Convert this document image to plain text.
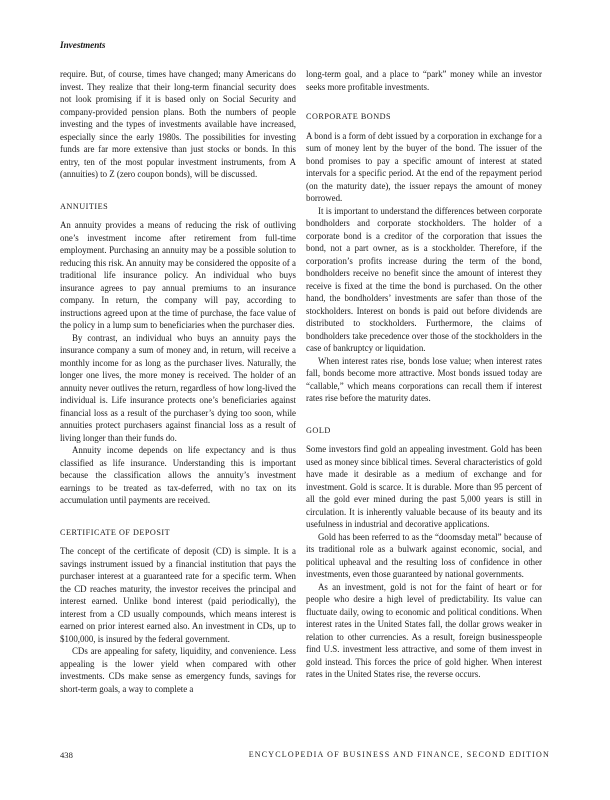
Investments

require. But, of course, times have changed; many Americans do invest. They realize that their long-term financial security does not look promising if it is based only on Social Security and company-provided pension plans. Both the numbers of people investing and the types of investments available have increased, especially since the early 1980s. The possibilities for investing funds are far more extensive than just stocks or bonds. In this entry, ten of the most popular investment instruments, from A (annuities) to Z (zero coupon bonds), will be discussed.

ANNUITIES

An annuity provides a means of reducing the risk of outliving one’s investment income after retirement from full-time employment. Purchasing an annuity may be a possible solution to reducing this risk. An annuity may be considered the opposite of a traditional life insurance policy. An individual who buys insurance agrees to pay annual premiums to an insurance company. In return, the company will pay, according to instructions agreed upon at the time of purchase, the face value of the policy in a lump sum to beneficiaries when the purchaser dies.

By contrast, an individual who buys an annuity pays the insurance company a sum of money and, in return, will receive a monthly income for as long as the purchaser lives. Naturally, the longer one lives, the more money is received. The holder of an annuity never outlives the return, regardless of how long-lived the individual is. Life insurance protects one’s beneficiaries against financial loss as a result of the purchaser’s dying too soon, while annuities protect purchasers against financial loss as a result of living longer than their funds do.

Annuity income depends on life expectancy and is thus classified as life insurance. Understanding this is important because the classification allows the annuity’s investment earnings to be treated as tax-deferred, with no tax on its accumulation until payments are received.

CERTIFICATE OF DEPOSIT

The concept of the certificate of deposit (CD) is simple. It is a savings instrument issued by a financial institution that pays the purchaser interest at a guaranteed rate for a specific term. When the CD reaches maturity, the investor receives the principal and interest earned. Unlike bond interest (paid periodically), the interest from a CD usually compounds, which means interest is earned on prior interest earned also. An investment in CDs, up to $100,000, is insured by the federal government.

CDs are appealing for safety, liquidity, and convenience. Less appealing is the lower yield when compared with other investments. CDs make sense as emergency funds, savings for short-term goals, a way to complete a

long-term goal, and a place to “park” money while an investor seeks more profitable investments.

CORPORATE BONDS

A bond is a form of debt issued by a corporation in exchange for a sum of money lent by the buyer of the bond. The issuer of the bond promises to pay a specific amount of interest at stated intervals for a specific period. At the end of the repayment period (on the maturity date), the issuer repays the amount of money borrowed.

It is important to understand the differences between corporate bondholders and corporate stockholders. The holder of a corporate bond is a creditor of the corporation that issues the bond, not a part owner, as is a stockholder. Therefore, if the corporation’s profits increase during the term of the bond, bondholders receive no benefit since the amount of interest they receive is fixed at the time the bond is purchased. On the other hand, the bondholders’ investments are safer than those of the stockholders. Interest on bonds is paid out before dividends are distributed to stockholders. Furthermore, the claims of bondholders take precedence over those of the stockholders in the case of bankruptcy or liquidation.

When interest rates rise, bonds lose value; when interest rates fall, bonds become more attractive. Most bonds issued today are “callable,” which means corporations can recall them if interest rates rise before the maturity dates.

GOLD

Some investors find gold an appealing investment. Gold has been used as money since biblical times. Several characteristics of gold have made it desirable as a medium of exchange and for investment. Gold is scarce. It is durable. More than 95 percent of all the gold ever mined during the past 5,000 years is still in circulation. It is inherently valuable because of its beauty and its usefulness in industrial and decorative applications.

Gold has been referred to as the “doomsday metal” because of its traditional role as a bulwark against economic, social, and political upheaval and the resulting loss of confidence in other investments, even those guaranteed by national governments.

As an investment, gold is not for the faint of heart or for people who desire a high level of predictability. Its value can fluctuate daily, owing to economic and political conditions. When interest rates in the United States fall, the dollar grows weaker in relation to other currencies. As a result, foreign businesspeople find U.S. investment less attractive, and some of them invest in gold instead. This forces the price of gold higher. When interest rates in the United States rise, the reverse occurs.

438	ENCYCLOPEDIA OF BUSINESS AND FINANCE, SECOND EDITION
